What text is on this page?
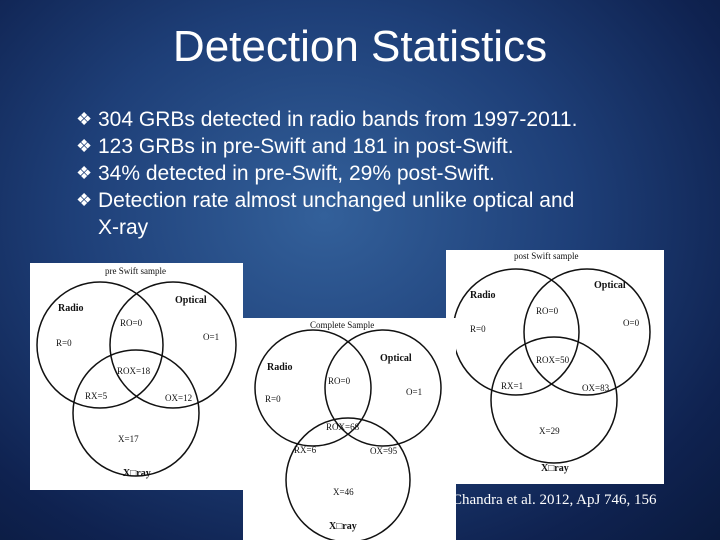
Detection Statistics
❖ 304 GRBs detected in radio bands from 1997-2011.
❖ 123 GRBs in pre-Swift and 181 in post-Swift.
❖ 34% detected in pre-Swift, 29% post-Swift.
❖ Detection rate almost unchanged unlike optical and
X-ray
pre Swift sample
Radio
Optical
R=0
RO=0
O=1
ROX=18
RX=5	OX=12
X=17
X□ray
post Swift sample
Radio
Optical
R=0
RO=0
O=0
ROX=50
RX=1	OX=83
X=29
X□ray
Complete Sample
Radio
Optical
R=0
RO=0
O=1
ROX=68
RX=6	OX=95
X=46
X□ray
Chandra et al. 2012, ApJ 746, 156
